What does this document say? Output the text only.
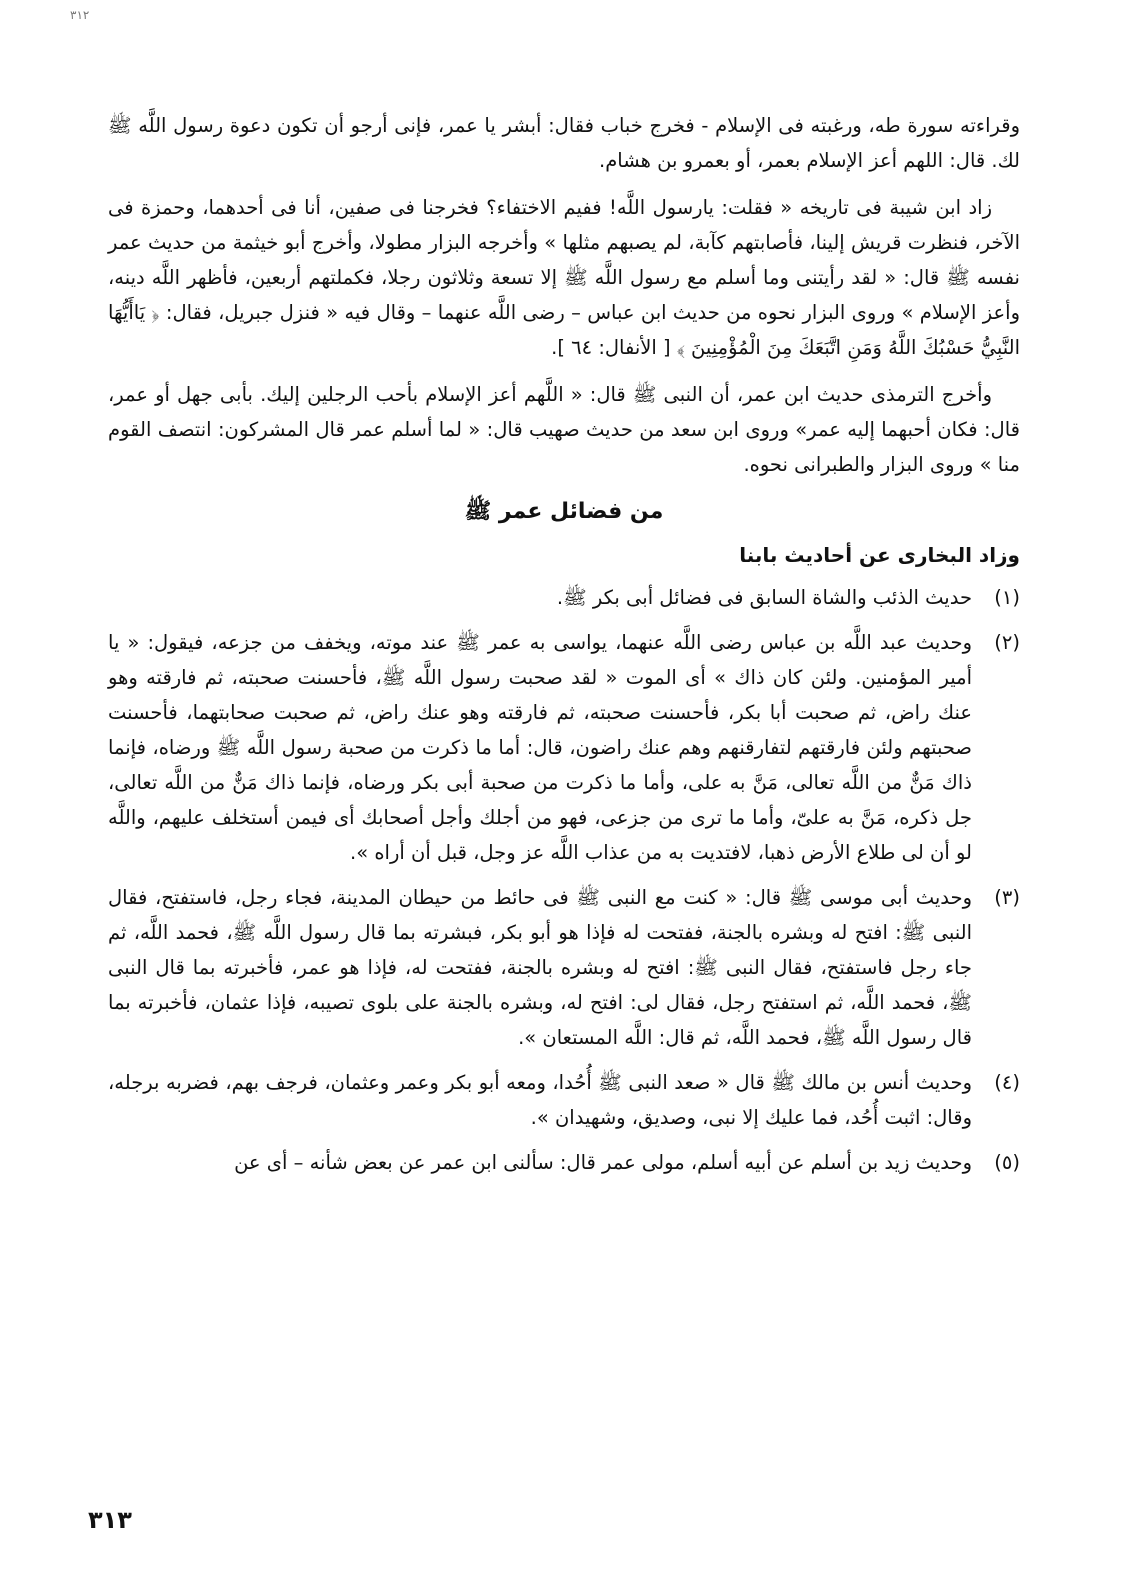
٣١٢

وقراءته سورة طه، ورغبته فى الإسلام - فخرج خباب فقال: أبشر يا عمر، فإنى أرجو أن تكون دعوة رسول اللَّه ﷺ لك. قال: اللهم أعز الإسلام بعمر، أو بعمرو بن هشام.

زاد ابن شيبة فى تاريخه « فقلت: يارسول اللَّه! ففيم الاختفاء؟ فخرجنا فى صفين، أنا فى أحدهما، وحمزة فى الآخر، فنظرت قريش إلينا، فأصابتهم كآبة، لم يصبهم مثلها » وأخرجه البزار مطولا، وأخرج أبو خيثمة من حديث عمر نفسه ﷺ قال: « لقد رأيتنى وما أسلم مع رسول اللَّه ﷺ إلا تسعة وثلاثون رجلا، فكملتهم أربعين، فأظهر اللَّه دينه، وأعز الإسلام » وروى البزار نحوه من حديث ابن عباس – رضى اللَّه عنهما – وقال فيه « فنزل جبريل، فقال: ﴿ يَاأَيُّهَا النَّبِيُّ حَسْبُكَ اللَّهُ وَمَنِ اتَّبَعَكَ مِنَ الْمُؤْمِنِينَ ﴾ [ الأنفال: ٦٤ ].

وأخرج الترمذى حديث ابن عمر، أن النبى ﷺ قال: « اللَّهم أعز الإسلام بأحب الرجلين إليك. بأبى جهل أو عمر، قال: فكان أحبهما إليه عمر» وروى ابن سعد من حديث صهيب قال: « لما أسلم عمر قال المشركون: انتصف القوم منا » وروى البزار والطبرانى نحوه.

من فضائل عمر ﷺ
وزاد البخارى عن أحاديث بابنا
(١)
حديث الذئب والشاة السابق فى فضائل أبى بكر ﷺ.
(٢)
وحديث عبد اللَّه بن عباس رضى اللَّه عنهما، يواسى به عمر ﷺ عند موته، ويخفف من جزعه، فيقول: « يا أمير المؤمنين. ولئن كان ذاك » أى الموت « لقد صحبت رسول اللَّه ﷺ، فأحسنت صحبته، ثم فارقته وهو عنك راض، ثم صحبت أبا بكر، فأحسنت صحبته، ثم فارقته وهو عنك راض، ثم صحبت صحابتهما، فأحسنت صحبتهم ولئن فارقتهم لتفارقنهم وهم عنك راضون، قال: أما ما ذكرت من صحبة رسول اللَّه ﷺ ورضاه، فإنما ذاك مَنٌّ من اللَّه تعالى، مَنَّ به على، وأما ما ذكرت من صحبة أبى بكر ورضاه، فإنما ذاك مَنٌّ من اللَّه تعالى، جل ذكره، مَنَّ به علىّ، وأما ما ترى من جزعى، فهو من أجلك وأجل أصحابك أى فيمن أستخلف عليهم، واللَّه لو أن لى طلاع الأرض ذهبا، لافتديت به من عذاب اللَّه عز وجل، قبل أن أراه ».
(٣)
وحديث أبى موسى ﷺ قال: « كنت مع النبى ﷺ فى حائط من حيطان المدينة، فجاء رجل، فاستفتح، فقال النبى ﷺ: افتح له وبشره بالجنة، ففتحت له فإذا هو أبو بكر، فبشرته بما قال رسول اللَّه ﷺ، فحمد اللَّه، ثم جاء رجل فاستفتح، فقال النبى ﷺ: افتح له وبشره بالجنة، ففتحت له، فإذا هو عمر، فأخبرته بما قال النبى ﷺ، فحمد اللَّه، ثم استفتح رجل، فقال لى: افتح له، وبشره بالجنة على بلوى تصيبه، فإذا عثمان، فأخبرته بما قال رسول اللَّه ﷺ، فحمد اللَّه، ثم قال: اللَّه المستعان ».
(٤)
وحديث أنس بن مالك ﷺ قال « صعد النبى ﷺ أُحُدا، ومعه أبو بكر وعمر وعثمان، فرجف بهم، فضربه برجله، وقال: اثبت أُحُد، فما عليك إلا نبى، وصديق، وشهيدان ».
(٥)
وحديث زيد بن أسلم عن أبيه أسلم، مولى عمر قال: سألنى ابن عمر عن بعض شأنه – أى عن
٣١٣
